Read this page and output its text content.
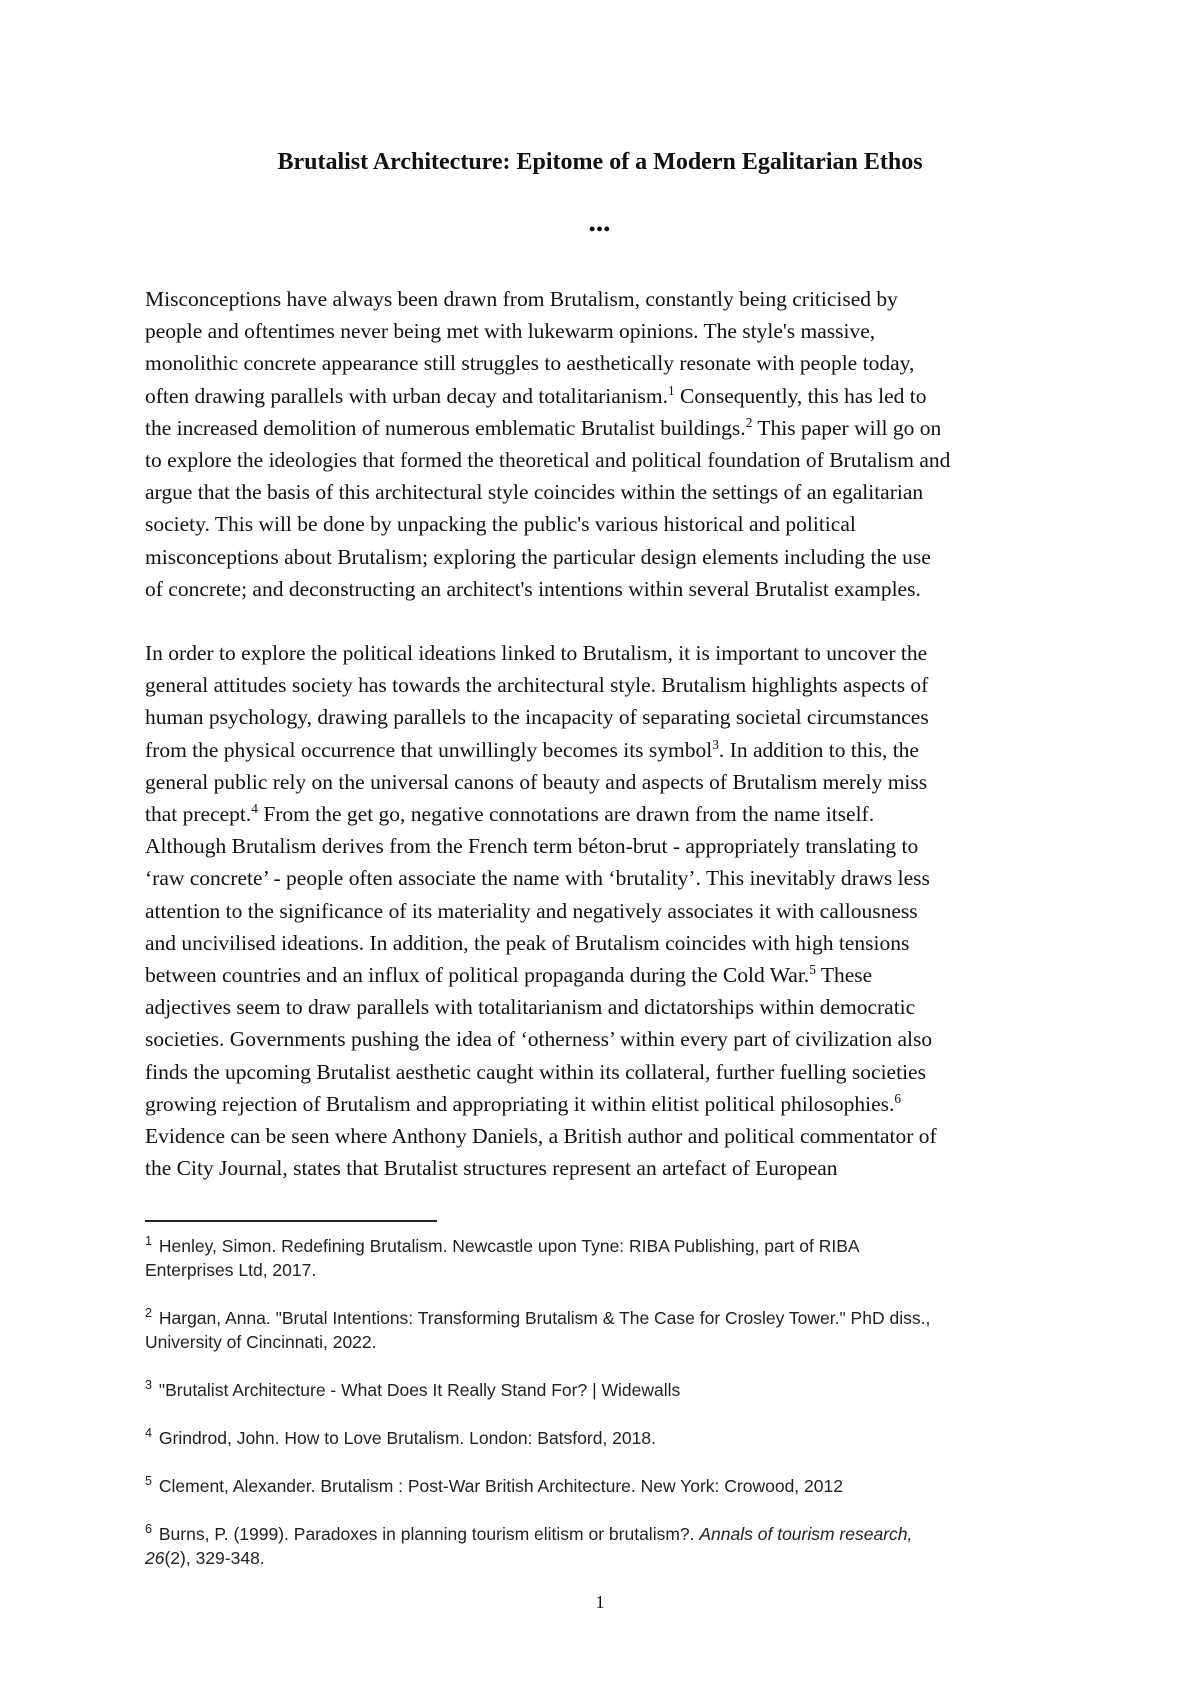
Brutalist Architecture: Epitome of a Modern Egalitarian Ethos
•••
Misconceptions have always been drawn from Brutalism, constantly being criticised by
people and oftentimes never being met with lukewarm opinions. The style's massive,
monolithic concrete appearance still struggles to aesthetically resonate with people today,
often drawing parallels with urban decay and totalitarianism.$^1$ Consequently, this has led to
the increased demolition of numerous emblematic Brutalist buildings.$^2$ This paper will go on
to explore the ideologies that formed the theoretical and political foundation of Brutalism and
argue that the basis of this architectural style coincides within the settings of an egalitarian
society. This will be done by unpacking the public's various historical and political
misconceptions about Brutalism; exploring the particular design elements including the use
of concrete; and deconstructing an architect's intentions within several Brutalist examples.
In order to explore the political ideations linked to Brutalism, it is important to uncover the
general attitudes society has towards the architectural style. Brutalism highlights aspects of
human psychology, drawing parallels to the incapacity of separating societal circumstances
from the physical occurrence that unwillingly becomes its symbol$^3$. In addition to this, the
general public rely on the universal canons of beauty and aspects of Brutalism merely miss
that precept.$^4$ From the get go, negative connotations are drawn from the name itself.
Although Brutalism derives from the French term béton-brut - appropriately translating to
‘raw concrete’ - people often associate the name with ‘brutality’. This inevitably draws less
attention to the significance of its materiality and negatively associates it with callousness
and uncivilised ideations. In addition, the peak of Brutalism coincides with high tensions
between countries and an influx of political propaganda during the Cold War.$^5$ These
adjectives seem to draw parallels with totalitarianism and dictatorships within democratic
societies. Governments pushing the idea of ‘otherness’ within every part of civilization also
finds the upcoming Brutalist aesthetic caught within its collateral, further fuelling societies
growing rejection of Brutalism and appropriating it within elitist political philosophies.$^6$
Evidence can be seen where Anthony Daniels, a British author and political commentator of
the City Journal, states that Brutalist structures represent an artefact of European
$^1$ Henley, Simon. Redefining Brutalism. Newcastle upon Tyne: RIBA Publishing, part of RIBA
Enterprises Ltd, 2017.
$^2$ Hargan, Anna. "Brutal Intentions: Transforming Brutalism & The Case for Crosley Tower." PhD diss.,
University of Cincinnati, 2022.
$^3$ "Brutalist Architecture - What Does It Really Stand For? | Widewalls
$^4$ Grindrod, John. How to Love Brutalism. London: Batsford, 2018.
$^5$ Clement, Alexander. Brutalism : Post-War British Architecture. New York: Crowood, 2012
$^6$ Burns, P. (1999). Paradoxes in planning tourism elitism or brutalism?. Annals of tourism research,
26(2), 329-348.
1
